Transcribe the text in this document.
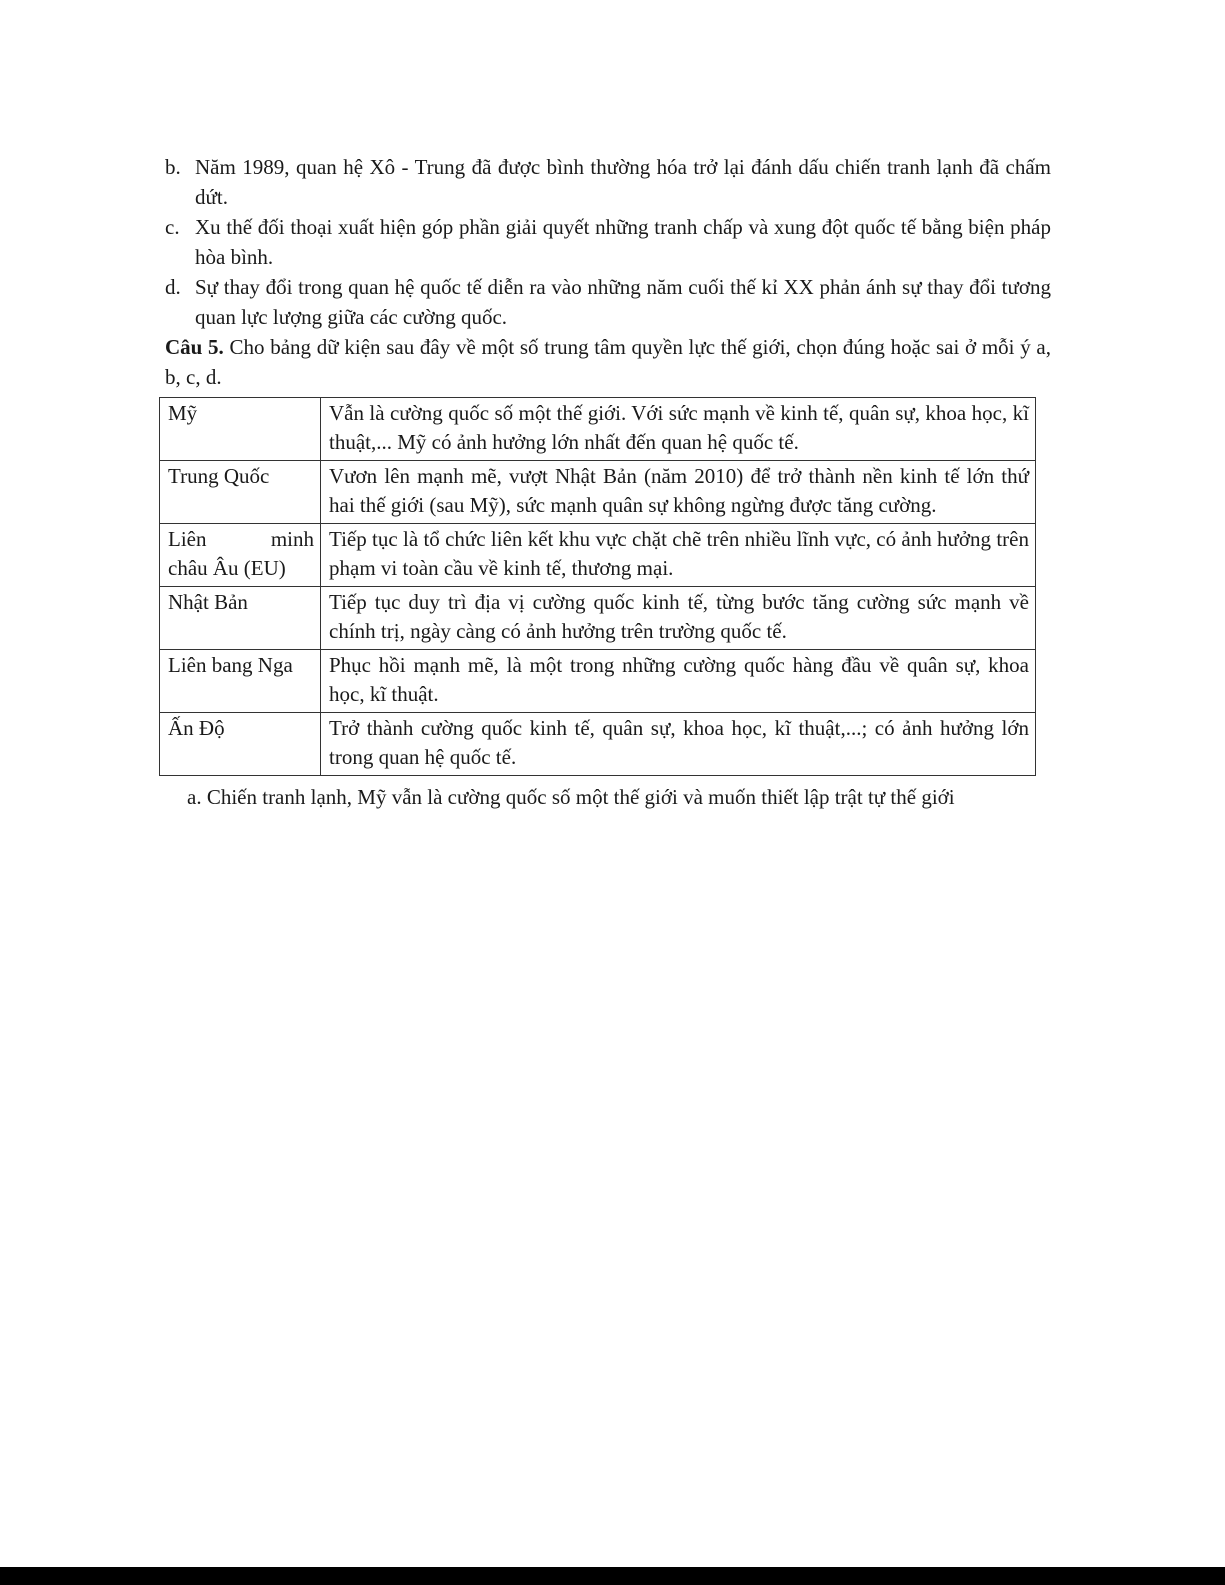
b. Năm 1989, quan hệ Xô - Trung đã được bình thường hóa trở lại đánh dấu chiến tranh lạnh đã chấm dứt.
c. Xu thế đối thoại xuất hiện góp phần giải quyết những tranh chấp và xung đột quốc tế bằng biện pháp hòa bình.
d. Sự thay đổi trong quan hệ quốc tế diễn ra vào những năm cuối thế kỉ XX phản ánh sự thay đổi tương quan lực lượng giữa các cường quốc.
Câu 5. Cho bảng dữ kiện sau đây về một số trung tâm quyền lực thế giới, chọn đúng hoặc sai ở mỗi ý a, b, c, d.
Mỹ	Vẫn là cường quốc số một thế giới. Với sức mạnh về kinh tế, quân sự, khoa học, kĩ thuật,... Mỹ có ảnh hưởng lớn nhất đến quan hệ quốc tế.
Trung Quốc	Vươn lên mạnh mẽ, vượt Nhật Bản (năm 2010) để trở thành nền kinh tế lớn thứ hai thế giới (sau Mỹ), sức mạnh quân sự không ngừng được tăng cường.

Liên minh
châu Âu (EU)	Tiếp tục là tổ chức liên kết khu vực chặt chẽ trên nhiều lĩnh vực, có ảnh hưởng trên phạm vi toàn cầu về kinh tế, thương mại.
Nhật Bản	Tiếp tục duy trì địa vị cường quốc kinh tế, từng bước tăng cường sức mạnh về chính trị, ngày càng có ảnh hưởng trên trường quốc tế.
Liên bang Nga	Phục hồi mạnh mẽ, là một trong những cường quốc hàng đầu về quân sự, khoa học, kĩ thuật.
Ấn Độ	Trở thành cường quốc kinh tế, quân sự, khoa học, kĩ thuật,...; có ảnh hưởng lớn trong quan hệ quốc tế.
a. Chiến tranh lạnh, Mỹ vẫn là cường quốc số một thế giới và muốn thiết lập trật tự thế giới
